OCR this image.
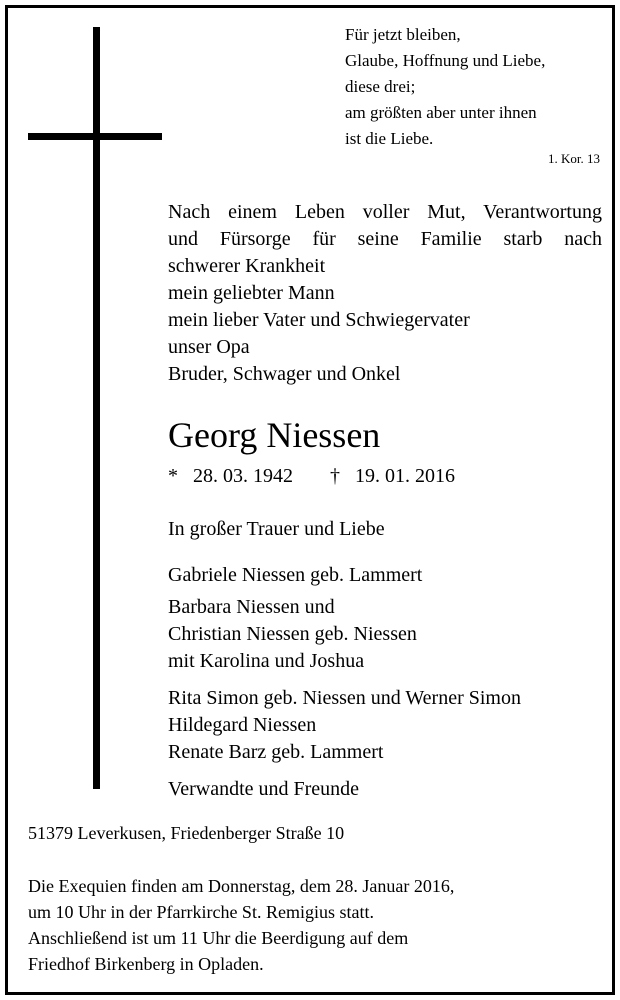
Für jetzt bleiben,
Glaube, Hoffnung und Liebe,
diese drei;
am größten aber unter ihnen
ist die Liebe.
1. Kor. 13
Nach einem Leben voller Mut, Verantwortung
und Fürsorge für seine Familie starb nach
schwerer Krankheit
mein geliebter Mann
mein lieber Vater und Schwiegervater
unser Opa
Bruder, Schwager und Onkel
Georg Niessen
* 28. 03. 1942 † 19. 01. 2016
In großer Trauer und Liebe
Gabriele Niessen geb. Lammert
Barbara Niessen und
Christian Niessen geb. Niessen
mit Karolina und Joshua
Rita Simon geb. Niessen und Werner Simon
Hildegard Niessen
Renate Barz geb. Lammert
Verwandte und Freunde
51379 Leverkusen, Friedenberger Straße 10
Die Exequien finden am Donnerstag, dem 28. Januar 2016,
um 10 Uhr in der Pfarrkirche St. Remigius statt.
Anschließend ist um 11 Uhr die Beerdigung auf dem
Friedhof Birkenberg in Opladen.
